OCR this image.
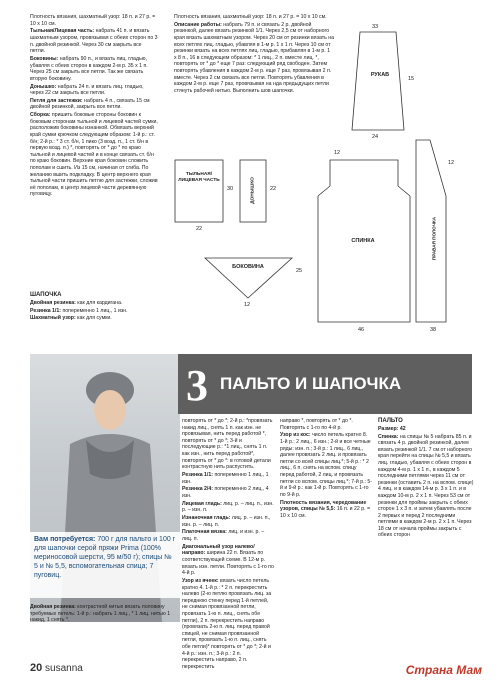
Плотность вязания, шахматный узор: 18 п. и 27 р. = 10 x 10 см.

Тыльная/Лицевая часть: набрать 41 п. и вязать шахматным узором, провязывая с обеих сторон по 3 п. двойной резинкой. Через 30 см закрыть все петли.

Боковины: набрать 90 п., и вязать лиц. гладью, убавляя с обеих сторон в каждом 2-м р. 35 x 1 п. Через 25 см закрыть все петли. Так же связать вторую боковину.

Донышко: набрать 24 п. и вязать лиц. гладью, через 22 см закрыть все петли.

Петля для застежки: набрать 4 п., связать 15 см двойной резинкой, закрыть все петли.

Сборка: пришить боковые стороны боковин к боковым сторонам тыльной и лицевой частей сумки, расположив боковины изнанкой. Обвязать верхний край сумки крючком следующим образом: 1-й р.: ст. б/н; 2-й р.: * 3 ст. б/н, 1 пико (3 возд. п., 1 ст. б/н в первую возд. п.) *, повторять от * до * по краю тыльной и лицевой частей и в конце связать ст. б/н по краю боковин. Верхние края боковин сложить пополам и сшить. Из 15 см, начиная от сгиба. По желанию вшить подкладку. В центр верхнего края тыльной части пришить петлю для застежки, сложив её пополам, в центр лицевой части деревянную пуговицу.

ШАПОЧКА

Двойная резинка: как для кардигана.

Резинка 1/1: попеременно 1 лиц., 1 изн.

Шахматный узор: как для сумки.

Плотность вязания, шахматный узор: 18 п. и 27 р. = 10 x 10 см.

Описание работы: набрать 79 п. и связать 2 р. двойной резинкой, далее вязать резинкой 1/1. Через 2,5 см от наборного края вязать шахматным узором. Через 20 см от резинки вязать на всех петлях лиц. гладью, убавляя в 1-м р. 1 x 1 п. Через 10 см от резинки вязать на всех петлях лиц. гладью, прибавляя в 1-м р. 1 x 8 п., 16 в следующем образом: * 1 лиц., 2 п. вместе лиц. *, повторять от * до * еще 7 раз: следующий ряд свободен. Затем повторять убавления в каждом 2-м р. еще 7 раз, провязывая 2 п. вместе. Через 2 см связать все петли. Повторять убавления в каждом 2-м р. еще 7 раз, провязывая на нда предыдущих петли стянуть рабочей нитью. Выполнить шов шапочки.

РУКАВ
ТЫЛЬНАЯ/ЛИЦЕВАЯ ЧАСТЬ	ДОНЫШКО
БОКОВИНА
СПИНКА	ПРАВАЯ ПОЛОЧКА
33
15
24
30
22
22
25
12
46	38
12
12
Вам потребуется: 700 г для пальто и 100 г для шапочки серой пряжи Prima (100% мериносовой шерсти, 95 м/50 г); спицы № 5 и № 5,5, вспомогательная спица; 7 пуговиц.

Двойная резинка: контрастной нитью вязать половину требуемых петель: 1-й р.: набрать 1 лиц., * 1 лиц. нитью 1 накид, 1 снять *.

3 ПАЛЬТО И ШАПОЧКА

повторять от * до *; 2-й р.: *провязать накид лиц., снять 1 п. как изн. не провязывая, нить перед работой *, повторять от * до *; 3-й и последующие р.: *1 лиц., снять 1 п. как изн., нить перед работой*, повторять от * до *: в готовой детали контрастную нить распустить.

Резинка 1/1: попеременно 1 лиц., 1 изн.

Резинка 2/4: попеременно 2 лиц., 4 изн.

Лицевая гладь: лиц. р. – лиц. п., изн. р. – изн. п.

Изнаночная гладь: лиц. р. – изн. п., изн. р. – лиц. п.

Платочная вязка: лиц. и изн. р. – лиц. п.

Диагональный узор налево/направо: ширина 22 п. Вязать по соответствующей схеме. В 12-м р. вязать изн. петли. Повторять с 1-го по 4-й р.

Узор из ячеек: вязать число петель кратно 4. 1-й р.: * 2 п. перекрестить налево (2-ю петлю провязать лиц. за переднюю стенку перед 1-й петлей, не снимая провязанной петли, провязать 1-ю п. лиц., снять обе петли), 2 п. перекрестить направо (провязать 2-ю п. лиц. перед правой спицей, не снимая провязанной петли, провязать 1-ю п. лиц., снять обе петли)* повторять от * до *; 2-й и 4-й р.: изн. п.; 3-й р.: 2 п. перекрестить направо, 2 п. перекрестить

направо *, повторять от * до *. Повторять с 1-го по 4-й р.

Узор из кос: число петель кратно 8. 1-й р.: 2 лиц., 6 изн.; 2-й и все четные ряды: изн. п.; 3-й р.: 1 лиц., 6 лиц., далее провязать 2 лиц. и провязать петли со всей спицы лиц.*; 5-й р.: * 2 лиц., 6 п. снять на вспом. спицу перед работой, 2 лиц. и провязать петли со вспом. спицы лиц.*; 7-й р.: 5-й и 9-й р.: как 1-й р. Повторять с 1-го по 9-й р.

Плотность вязания, чередование узоров, спицы № 5,5: 16 п. и 22 р. = 10 x 10 см.

ПАЛЬТО

Размер: 42

Спинка: на спицы № 5 набрать 85 п. и связать 4 р. двойной резинкой, далее вязать резинкой 1/1. 7 см от наборного края перейти на спицы № 5,5 и вязать лиц. гладью, убавляя с обеих сторон в каждом 4-м р. 1 x 1 п., в каждом 5 последними петлями через 11 см от резинки (оставить 2 п. на вспом. спице) 4 лиц. и в каждом 14-м р. 3 x 1 п. и в каждом 10-м р. 2 x 1 п. Через 53 см от резинки для проймы закрыть с обеих сторон 1 x 3 п. и затем убавлять после 2 первых и перед 2 последними петлями в каждом 2-м р. 2 x 1 п. Через 18 см от начала проймы закрыть с обеих сторон

20 susanna	Страна Мам
